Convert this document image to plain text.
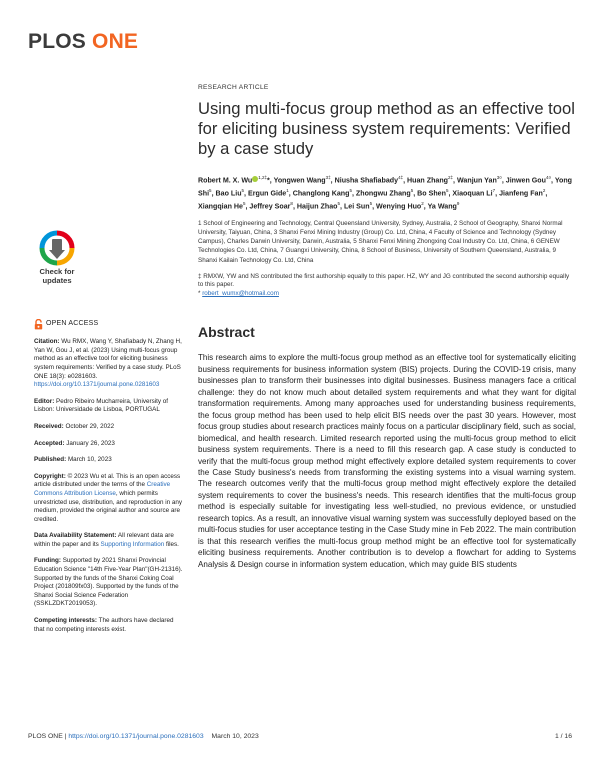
PLOS ONE
Check for
updates
OPEN ACCESS
Citation: Wu RMX, Wang Y, Shafiabady N, Zhang H, Yan W, Gou J, et al. (2023) Using multi-focus group method as an effective tool for eliciting business system requirements: Verified by a case study. PLoS ONE 18(3): e0281603. https://doi.org/10.1371/journal.pone.0281603
Editor: Pedro Ribeiro Mucharreira, University of Lisbon: Universidade de Lisboa, PORTUGAL
Received: October 29, 2022
Accepted: January 26, 2023
Published: March 10, 2023
Copyright: © 2023 Wu et al. This is an open access article distributed under the terms of the Creative Commons Attribution License, which permits unrestricted use, distribution, and reproduction in any medium, provided the original author and source are credited.
Data Availability Statement: All relevant data are within the paper and its Supporting Information files.
Funding: Supported by 2021 Shanxi Provincial Education Science "14th Five-Year Plan"(GH-21316). Supported by the funds of the Shanxi Coking Coal Project (201809fx03). Supported by the funds of the Shanxi Social Science Federation (SSKLZDKT2019053).
Competing interests: The authors have declared that no competing interests exist.
RESEARCH ARTICLE
Using multi-focus group method as an effective tool for eliciting business system requirements: Verified by a case study
Robert M. X. Wu $^{1,2\ddagger}$*, Yongwen Wang$^{3\ddagger}$, Niusha Shafiabady$^{4\ddagger}$, Huan Zhang$^{2\ddagger}$, Wanjun Yan$^{3¤}$, Jinwen Gou$^{4¤}$, Yong Shi$^5$, Bao Liu$^5$, Ergun Gide$^1$, Changlong Kang$^5$, Zhongwu Zhang$^5$, Bo Shen$^5$, Xiaoquan Li$^7$, Jianfeng Fan$^2$, Xiangqian He$^5$, Jeffrey Soar$^8$, Haijun Zhao$^5$, Lei Sun$^5$, Wenying Huo$^2$, Ya Wang$^9$
1 School of Engineering and Technology, Central Queensland University, Sydney, Australia, 2 School of Geography, Shanxi Normal University, Taiyuan, China, 3 Shanxi Fenxi Mining Industry (Group) Co. Ltd, China, 4 Faculty of Science and Technology (Sydney Campus), Charles Darwin University, Darwin, Australia, 5 Shanxi Fenxi Mining Zhongxing Coal Industry Co. Ltd, China, 6 GENEW Technologies Co. Ltd, China, 7 Guangxi University, China, 8 School of Business, University of Southern Queensland, Australia, 9 Shanxi Kailain Technology Co. Ltd, China
‡ RMXW, YW and NS contributed the first authorship equally to this paper. HZ, WY and JG contributed the second authorship equally to this paper.
* robert_wumx@hotmail.com
Abstract

This research aims to explore the multi-focus group method as an effective tool for systematically eliciting business requirements for business information system (BIS) projects. During the COVID-19 crisis, many businesses plan to transform their businesses into digital businesses. Business managers face a critical challenge: they do not know much about detailed system requirements and what they want for digital transformation requirements. Among many approaches used for understanding business requirements, the focus group method has been used to help elicit BIS needs over the past 30 years. However, most focus group studies about research practices mainly focus on a particular disciplinary field, such as social, biomedical, and health research. Limited research reported using the multi-focus group method to elicit business system requirements. There is a need to fill this research gap. A case study is conducted to verify that the multi-focus group method might effectively explore detailed system requirements to cover the Case Study business's needs from transforming the existing systems into a visual warning system. The research outcomes verify that the multi-focus group method might effectively explore the detailed system requirements to cover the business's needs. This research identifies that the multi-focus group method is especially suitable for investigating less well-studied, no previous evidence, or unstudied research topics. As a result, an innovative visual warning system was successfully deployed based on the multi-focus studies for user acceptance testing in the Case Study mine in Feb 2022. The main contribution is that this research verifies the multi-focus group method might be an effective tool for systematically eliciting business requirements. Another contribution is to develop a flowchart for adding to Systems Analysis & Design course in information system education, which may guide BIS students

PLOS ONE | https://doi.org/10.1371/journal.pone.0281603 March 10, 2023	1 / 16
